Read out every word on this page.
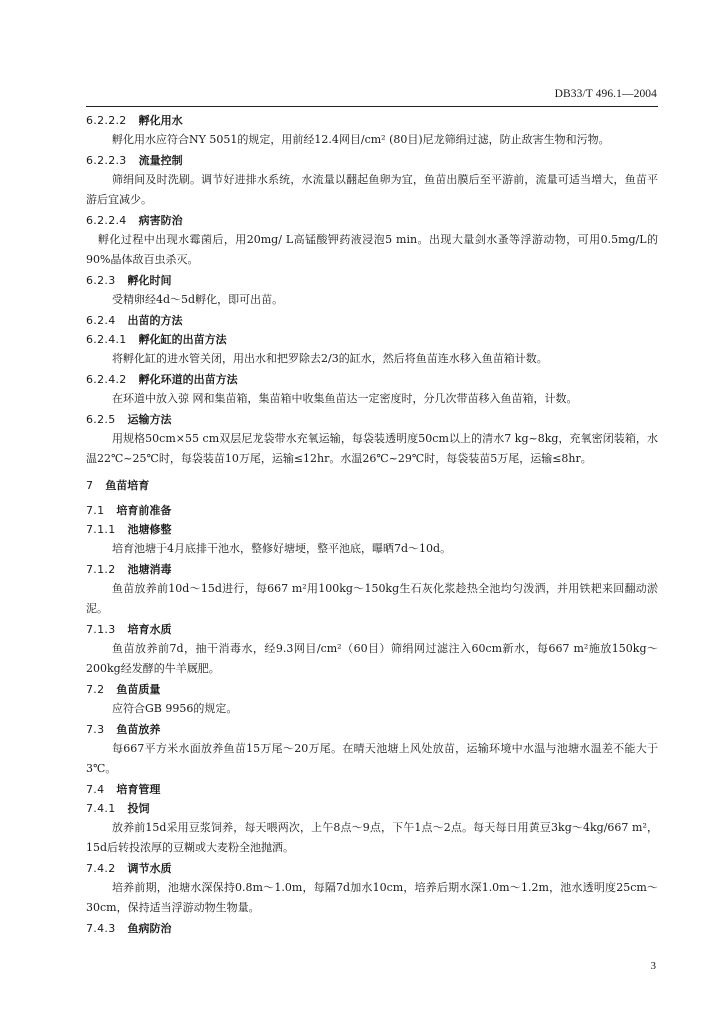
DB33/T 496.1—2004
6.2.2.2 孵化用水

孵化用水应符合NY 5051的规定，用前经12.4网目/cm² (80目)尼龙筛绢过滤，防止敌害生物和污物。

6.2.2.3 流量控制

筛绢间及时洗刷。调节好进排水系统，水流量以翻起鱼卵为宜，鱼苗出膜后至平游前，流量可适当增大，鱼苗平游后宜减少。

6.2.2.4 病害防治

孵化过程中出现水霉菌后，用20mg/ L高锰酸钾药液浸泡5 min。出现大量剑水蚤等浮游动物，可用0.5mg/L的90%晶体敌百虫杀灭。

6.2.3 孵化时间

受精卵经4d～5d孵化，即可出苗。

6.2.4 出苗的方法
6.2.4.1 孵化缸的出苗方法

将孵化缸的进水管关闭，用出水和把罗除去2/3的缸水，然后将鱼苗连水移入鱼苗箱计数。

6.2.4.2 孵化环道的出苗方法

在环道中放入弶 网和集苗箱，集苗箱中收集鱼苗达一定密度时，分几次带苗移入鱼苗箱，计数。

6.2.5 运输方法

用规格50cm×55 cm双层尼龙袋带水充氧运输，每袋装透明度50cm以上的清水7 kg~8kg，充氧密闭装箱，水温22℃~25℃时，每袋装苗10万尾，运输≤12hr。水温26℃~29℃时，每袋装苗5万尾，运输≤8hr。

7 鱼苗培育
7.1 培育前准备
7.1.1 池塘修整

培育池塘于4月底排干池水，整修好塘埂，整平池底，曝晒7d～10d。

7.1.2 池塘消毒

鱼苗放养前10d～15d进行，每667 m²用100kg～150kg生石灰化浆趁热全池均匀泼洒，并用铁耙来回翻动淤泥。

7.1.3 培育水质

鱼苗放养前7d，抽干消毒水，经9.3网目/cm²（60目）筛绢网过滤注入60cm新水，每667 m²施放150kg～200kg经发酵的牛羊厩肥。

7.2 鱼苗质量

应符合GB 9956的规定。

7.3 鱼苗放养

每667平方米水面放养鱼苗15万尾～20万尾。在晴天池塘上风处放苗，运输环境中水温与池塘水温差不能大于3℃。

7.4 培育管理
7.4.1 投饲

放养前15d采用豆浆饲养，每天喂两次，上午8点～9点，下午1点～2点。每天每日用黄豆3kg～4kg/667 m²，15d后转投浓厚的豆糊或大麦粉全池抛洒。

7.4.2 调节水质

培养前期，池塘水深保持0.8m～1.0m，每隔7d加水10cm，培养后期水深1.0m～1.2m，池水透明度25cm～30cm，保持适当浮游动物生物量。

7.4.3 鱼病防治
3
